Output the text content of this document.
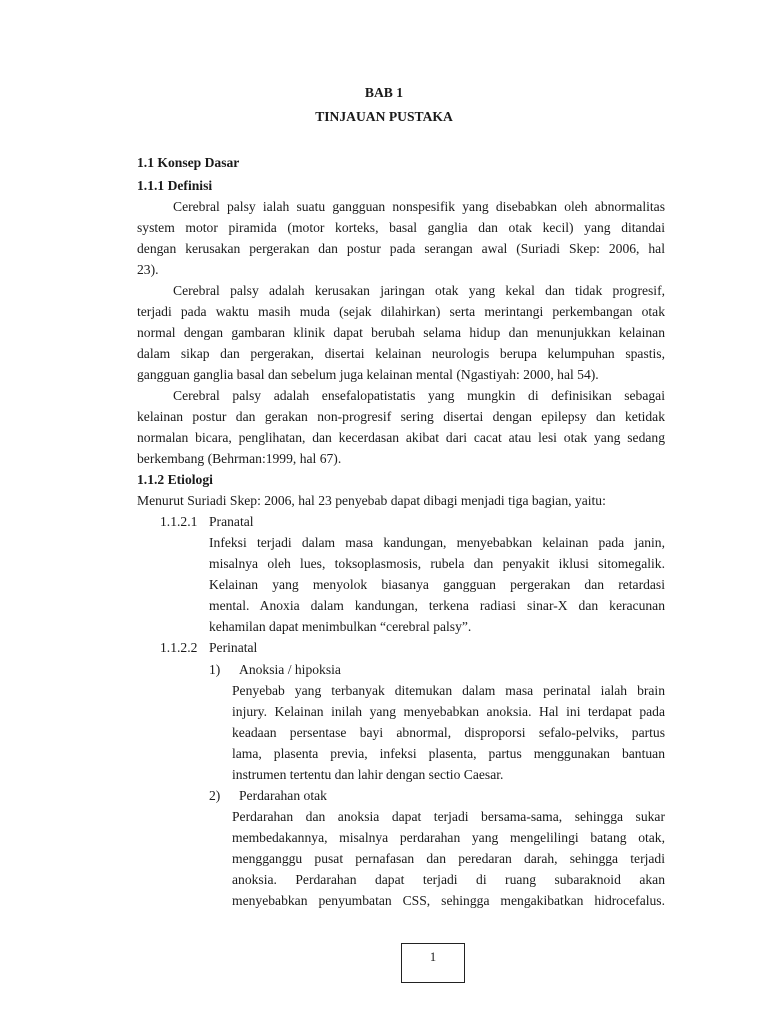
BAB 1

TINJAUAN PUSTAKA

1.1 Konsep Dasar

1.1.1 Definisi

Cerebral palsy ialah suatu gangguan nonspesifik yang disebabkan oleh abnormalitas
system motor piramida (motor korteks, basal ganglia dan otak kecil) yang ditandai
dengan kerusakan pergerakan dan postur pada serangan awal (Suriadi Skep: 2006, hal
23).
Cerebral palsy adalah kerusakan jaringan otak yang kekal dan tidak progresif,
terjadi pada waktu masih muda (sejak dilahirkan) serta merintangi perkembangan otak
normal dengan gambaran klinik dapat berubah selama hidup dan menunjukkan kelainan
dalam sikap dan pergerakan, disertai kelainan neurologis berupa kelumpuhan spastis,
gangguan ganglia basal dan sebelum juga kelainan mental (Ngastiyah: 2000, hal 54).
Cerebral palsy adalah ensefalopatistatis yang mungkin di definisikan sebagai
kelainan postur dan gerakan non-progresif sering disertai dengan epilepsy dan ketidak
normalan bicara, penglihatan, dan kecerdasan akibat dari cacat atau lesi otak yang sedang
berkembang (Behrman:1999, hal 67).

1.1.2 Etiologi

Menurut Suriadi Skep: 2006, hal 23 penyebab dapat dibagi menjadi tiga bagian, yaitu:

1.1.2.1 Pranatal

Infeksi terjadi dalam masa kandungan, menyebabkan kelainan pada janin,
misalnya oleh lues, toksoplasmosis, rubela dan penyakit iklusi sitomegalik.
Kelainan yang menyolok biasanya gangguan pergerakan dan retardasi
mental. Anoxia dalam kandungan, terkena radiasi sinar-X dan keracunan
kehamilan dapat menimbulkan “cerebral palsy”.

1.1.2.2 Perinatal

1) Anoksia / hipoksia

Penyebab yang terbanyak ditemukan dalam masa perinatal ialah brain
injury. Kelainan inilah yang menyebabkan anoksia. Hal ini terdapat pada
keadaan persentase bayi abnormal, disproporsi sefalo-pelviks, partus
lama, plasenta previa, infeksi plasenta, partus menggunakan bantuan
instrumen tertentu dan lahir dengan sectio Caesar.

2) Perdarahan otak

Perdarahan dan anoksia dapat terjadi bersama-sama, sehingga sukar
membedakannya, misalnya perdarahan yang mengelilingi batang otak,
mengganggu pusat pernafasan dan peredaran darah, sehingga terjadi
anoksia. Perdarahan dapat terjadi di ruang subaraknoid akan
menyebabkan penyumbatan CSS, sehingga mengakibatkan hidrocefalus.
1
